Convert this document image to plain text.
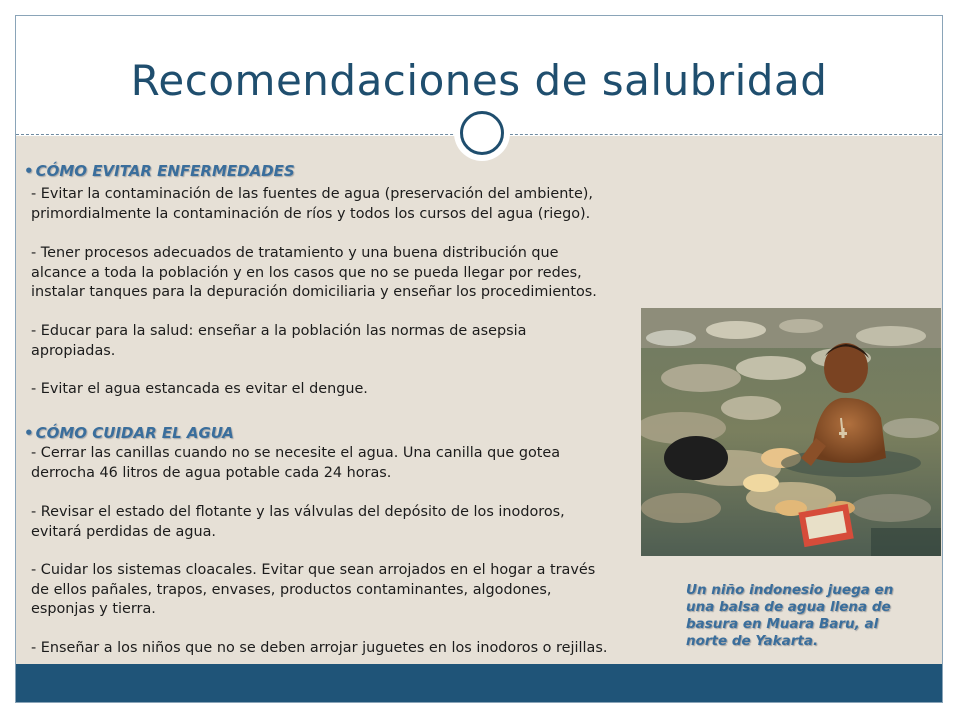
Recomendaciones de salubridad
• CÓMO EVITAR ENFERMEDADES
- Evitar la contaminación de las fuentes de agua (preservación del ambiente),
primordialmente la contaminación de ríos y todos los cursos del agua (riego).
- Tener procesos adecuados de tratamiento y una buena distribución que
alcance a toda la población y en los casos que no se pueda llegar por redes,
instalar tanques para la depuración domiciliaria y enseñar los procedimientos.
- Educar para la salud: enseñar a la población las normas de asepsia
apropiadas.
- Evitar el agua estancada es evitar el dengue.
• CÓMO CUIDAR EL AGUA
- Cerrar las canillas cuando no se necesite el agua. Una canilla que gotea
derrocha 46 litros de agua potable cada 24 horas.
- Revisar el estado del flotante y las válvulas del depósito de los inodoros,
evitará perdidas de agua.
- Cuidar los sistemas cloacales. Evitar que sean arrojados en el hogar a través
de ellos pañales, trapos, envases, productos contaminantes, algodones,
esponjas y tierra.
- Enseñar a los niños que no se deben arrojar juguetes en los inodoros o rejillas.
Un niño indonesio juega en
una balsa de agua llena de
basura en Muara Baru, al
norte de Yakarta.
